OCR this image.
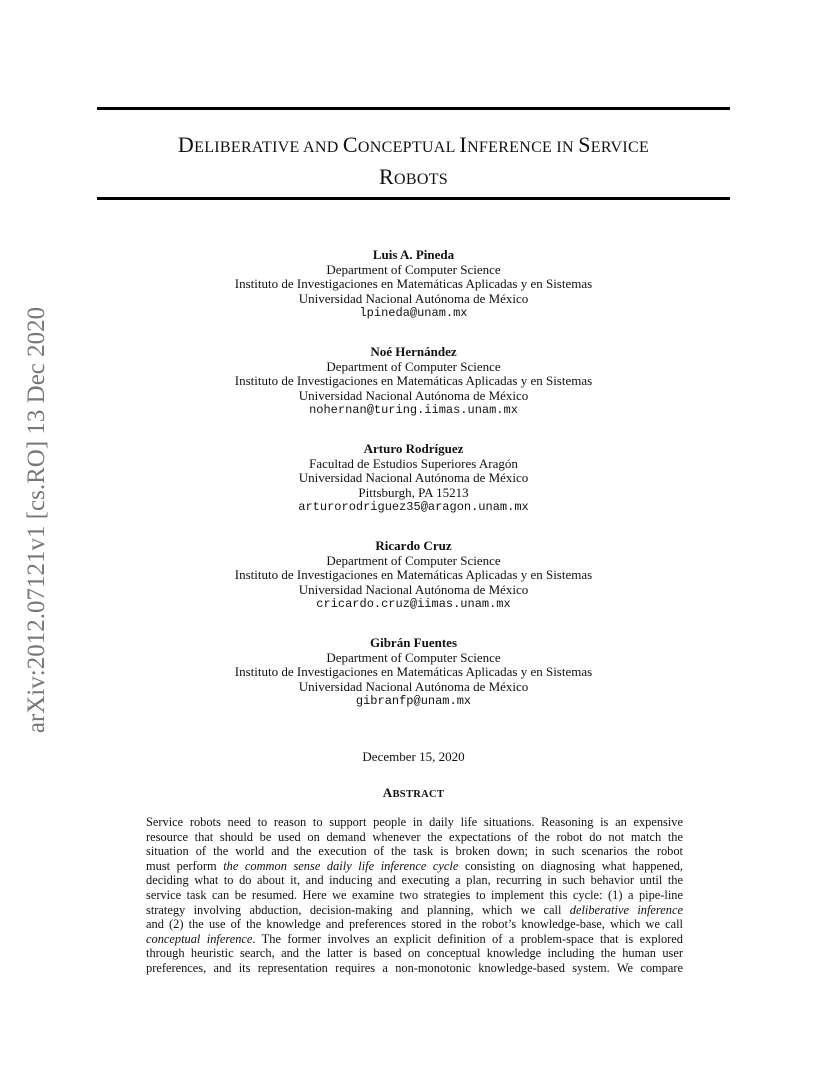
arXiv:2012.07121v1 [cs.RO] 13 Dec 2020
DELIBERATIVE AND CONCEPTUAL INFERENCE IN SERVICE
ROBOTS
Luis A. Pineda
Department of Computer Science
Instituto de Investigaciones en Matemáticas Aplicadas y en Sistemas
Universidad Nacional Autónoma de México
lpineda@unam.mx
Noé Hernández
Department of Computer Science
Instituto de Investigaciones en Matemáticas Aplicadas y en Sistemas
Universidad Nacional Autónoma de México
nohernan@turing.iimas.unam.mx
Arturo Rodríguez
Facultad de Estudios Superiores Aragón
Universidad Nacional Autónoma de México
Pittsburgh, PA 15213
arturorodriguez35@aragon.unam.mx
Ricardo Cruz
Department of Computer Science
Instituto de Investigaciones en Matemáticas Aplicadas y en Sistemas
Universidad Nacional Autónoma de México
cricardo.cruz@iimas.unam.mx
Gibrán Fuentes
Department of Computer Science
Instituto de Investigaciones en Matemáticas Aplicadas y en Sistemas
Universidad Nacional Autónoma de México
gibranfp@unam.mx
December 15, 2020
ABSTRACT
Service robots need to reason to support people in daily life situations. Reasoning is an expensive
resource that should be used on demand whenever the expectations of the robot do not match the
situation of the world and the execution of the task is broken down; in such scenarios the robot
must perform the common sense daily life inference cycle consisting on diagnosing what happened,
deciding what to do about it, and inducing and executing a plan, recurring in such behavior until the
service task can be resumed. Here we examine two strategies to implement this cycle: (1) a pipe-line
strategy involving abduction, decision-making and planning, which we call deliberative inference
and (2) the use of the knowledge and preferences stored in the robot’s knowledge-base, which we call
conceptual inference. The former involves an explicit definition of a problem-space that is explored
through heuristic search, and the latter is based on conceptual knowledge including the human user
preferences, and its representation requires a non-monotonic knowledge-based system. We compare
